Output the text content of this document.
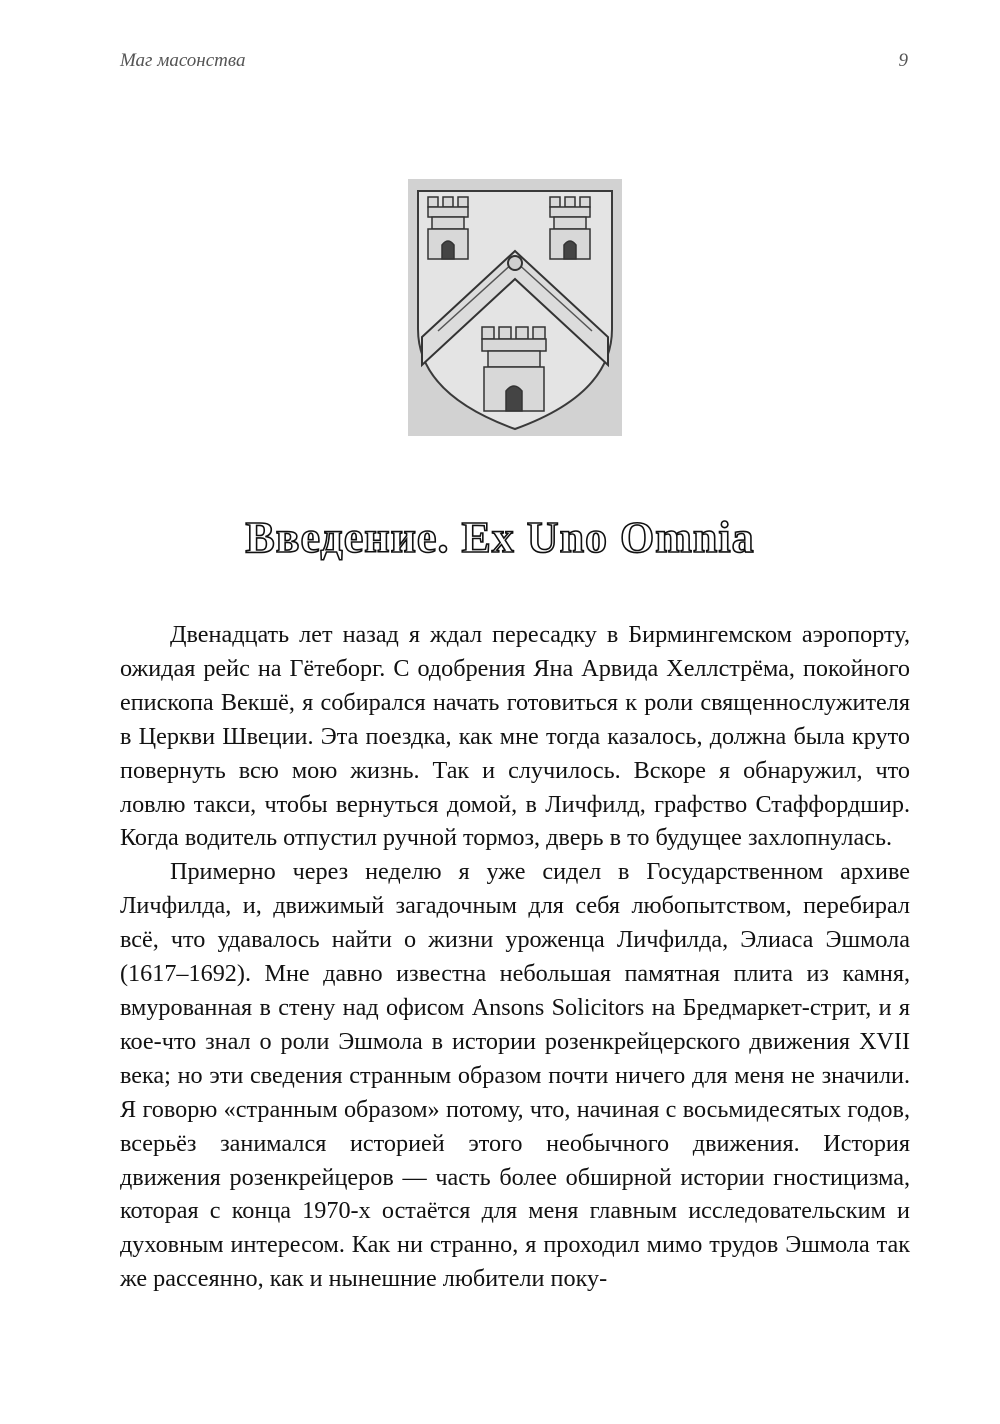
Маг масонства	9
Введение. Ex Uno Omnia

Двенадцать лет назад я ждал пересадку в Бирмингемском аэропорту, ожидая рейс на Гётеборг. С одобрения Яна Арвида Хеллстрёма, покойного епископа Векшё, я собирался начать готовиться к роли священнослужителя в Церкви Швеции. Эта поездка, как мне тогда казалось, должна была круто повернуть всю мою жизнь. Так и случилось. Вскоре я обнаружил, что ловлю такси, чтобы вернуться домой, в Личфилд, графство Стаффордшир. Когда водитель отпустил ручной тормоз, дверь в то будущее захлопнулась.

Примерно через неделю я уже сидел в Государственном архиве Личфилда, и, движимый загадочным для себя любопытством, перебирал всё, что удавалось найти о жизни уроженца Личфилда, Элиаса Эшмола (1617–1692). Мне давно известна небольшая памятная плита из камня, вмурованная в стену над офисом Ansons Solicitors на Бредмаркет-стрит, и я кое-что знал о роли Эшмола в истории розенкрейцерского движения XVII века; но эти сведения странным образом почти ничего для меня не значили. Я говорю «странным образом» потому, что, начиная с восьмидесятых годов, всерьёз занимался историей этого необычного движения. История движения розенкрейцеров — часть более обширной истории гностицизма, которая с конца 1970-х остаётся для меня главным исследовательским и духовным интересом. Как ни странно, я проходил мимо трудов Эшмола так же рассеянно, как и нынешние любители поку-
